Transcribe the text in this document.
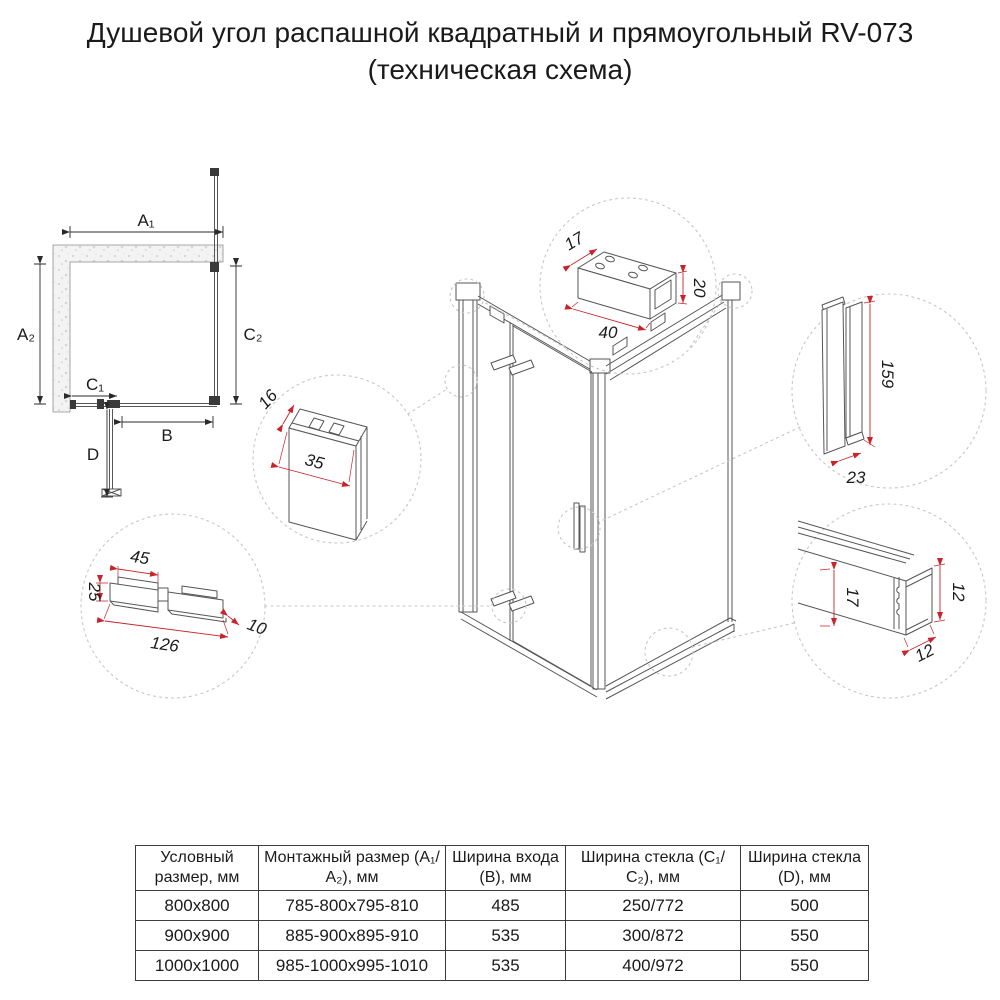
Душевой угол распашной квадратный и прямоугольный RV-073
(техническая схема)
A₁
A₂	C₂
C₁
B
D
17
40
20
16
35
45
25
126
10
159
23
17	12
12
Условный размер, мм	Монтажный размер (А₁/А₂), мм	Ширина входа (В), мм	Ширина стекла (С₁/С₂), мм	Ширина стекла (D), мм
800x800	785-800x795-810	485	250/772	500
900x900	885-900x895-910	535	300/872	550
1000x1000	985-1000x995-1010	535	400/972	550
